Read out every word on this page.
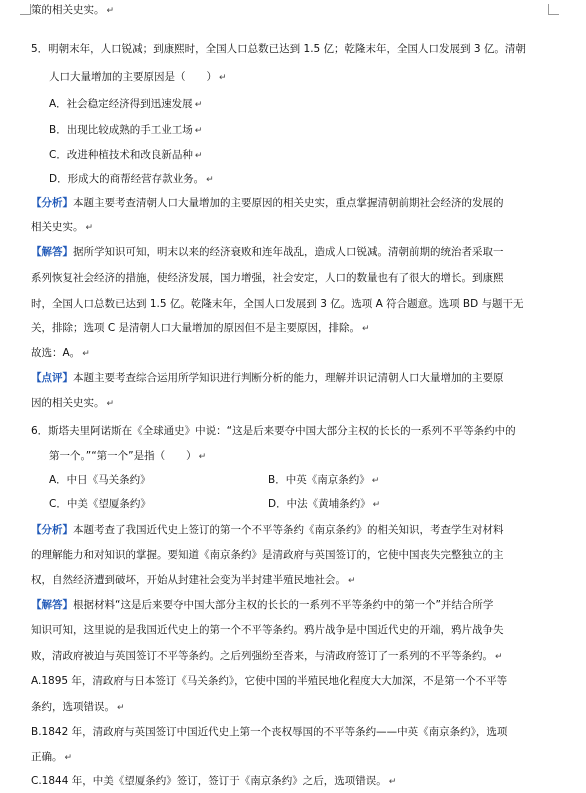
策的相关史实。 ↵
5．明朝末年，人口锐减；到康熙时，全国人口总数已达到 1.5 亿；乾隆末年，全国人口发展到 3 亿。清朝
人口大量增加的主要原因是（　　） ↵
A．社会稳定经济得到迅速发展 ↵
B．出现比较成熟的手工业工场 ↵
C．改进种植技术和改良新品种 ↵
D．形成大的商帮经营存款业务。 ↵
【分析】本题主要考查清朝人口大量增加的主要原因的相关史实，重点掌握清朝前期社会经济的发展的
相关史实。 ↵
【解答】据所学知识可知，明末以来的经济衰败和连年战乱，造成人口锐减。清朝前期的统治者采取一
系列恢复社会经济的措施，使经济发展，国力增强，社会安定，人口的数量也有了很大的增长。到康熙
时，全国人口总数已达到 1.5 亿。乾隆末年，全国人口发展到 3 亿。选项 A 符合题意。选项 BD 与题干无
关，排除；选项 C 是清朝人口大量增加的原因但不是主要原因，排除。 ↵
故选：A。 ↵
【点评】本题主要考查综合运用所学知识进行判断分析的能力，理解并识记清朝人口大量增加的主要原
因的相关史实。 ↵
6．斯塔夫里阿诺斯在《全球通史》中说：“这是后来要夺中国大部分主权的长长的一系列不平等条约中的
第一个。”“第一个”是指（　　） ↵
A．中日《马关条约》	B．中英《南京条约》 ↵
C．中美《望厦条约》	D．中法《黄埔条约》 ↵
【分析】本题考查了我国近代史上签订的第一个不平等条约《南京条约》的相关知识，考查学生对材料
的理解能力和对知识的掌握。要知道《南京条约》是清政府与英国签订的，它使中国丧失完整独立的主
权，自然经济遭到破坏，开始从封建社会变为半封建半殖民地社会。 ↵
【解答】根据材料“这是后来要夺中国大部分主权的长长的一系列不平等条约中的第一个”并结合所学
知识可知，这里说的是我国近代史上的第一个不平等条约。鸦片战争是中国近代史的开端，鸦片战争失
败，清政府被迫与英国签订不平等条约。之后列强纷至沓来，与清政府签订了一系列的不平等条约。 ↵
A.1895 年，清政府与日本签订《马关条约》，它使中国的半殖民地化程度大大加深，不是第一个不平等
条约，选项错误。 ↵
B.1842 年，清政府与英国签订中国近代史上第一个丧权辱国的不平等条约——中英《南京条约》，选项
正确。 ↵
C.1844 年，中美《望厦条约》签订，签订于《南京条约》之后，选项错误。 ↵
